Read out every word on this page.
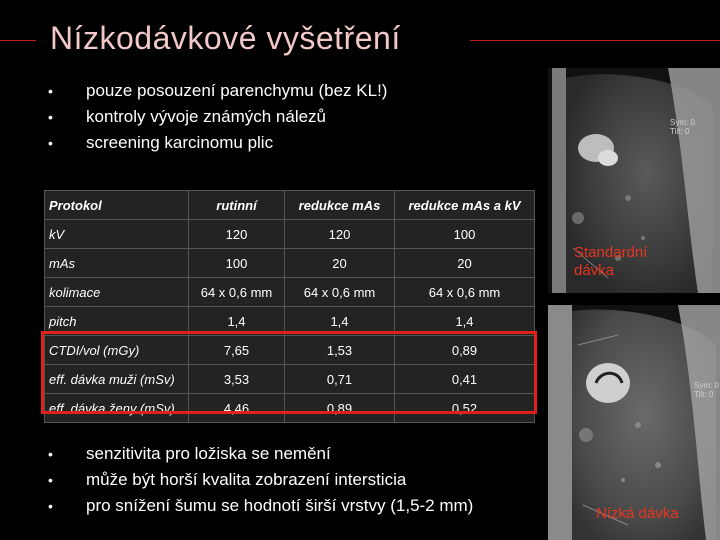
Nízkodávkové vyšetření
• pouze posouzení parenchymu (bez KL!)
• kontroly vývoje známých nálezů
• screening karcinomu plic
Protokol	rutinní	redukce mAs	redukce mAs a kV
kV	120	120	100
mAs	100	20	20
kolimace	64 x 0,6 mm	64 x 0,6 mm	64 x 0,6 mm
pitch	1,4	1,4	1,4
CTDI/vol (mGy)	7,65	1,53	0,89
eff. dávka muži (mSv)	3,53	0,71	0,41
eff. dávka ženy (mSv)	4,46	0,89	0,52
• senzitivita pro ložiska se nemění
• může být horší kvalita zobrazení intersticia
• pro snížení šumu se hodnotí širší vrstvy (1,5-2 mm)
Sym: 0
Tilt: 0
Standardní
dávka
Sym: 0
Tilt: 0
Nízká dávka
